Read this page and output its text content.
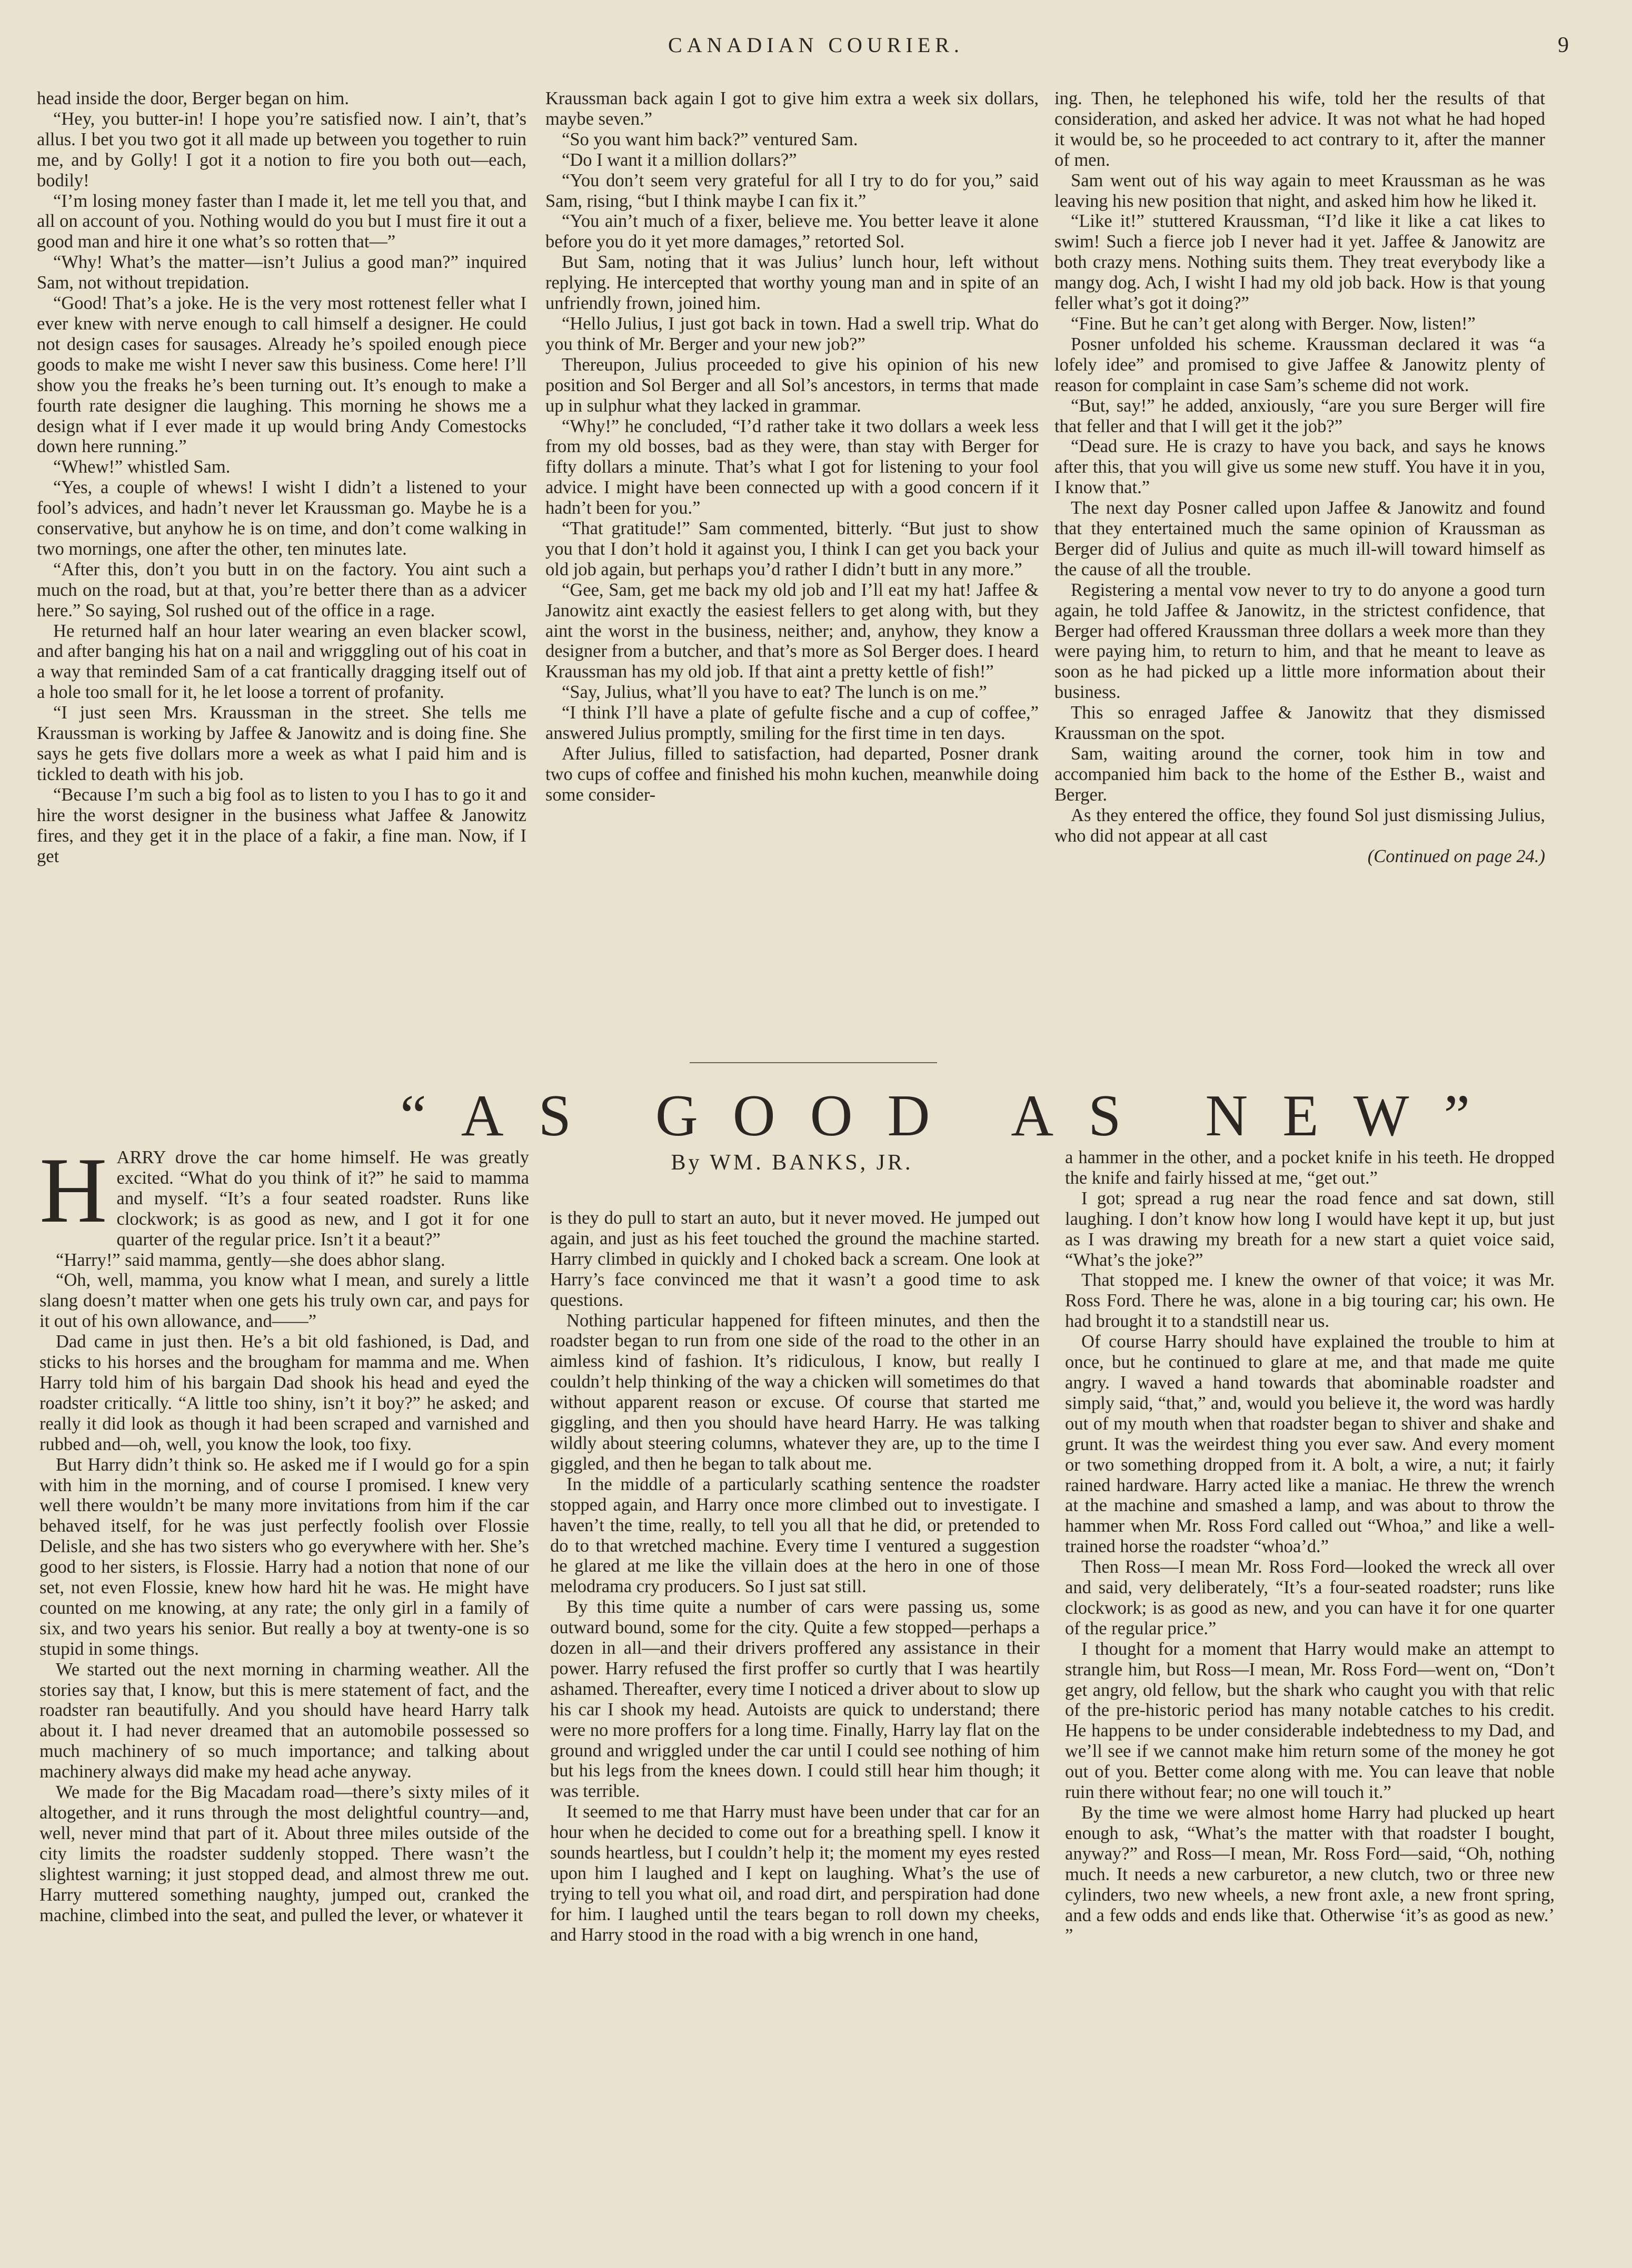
CANADIAN COURIER.	9

head inside the door, Berger began on him.

“Hey, you butter-in! I hope you’re satisfied now. I ain’t, that’s allus. I bet you two got it all made up between you together to ruin me, and by Golly! I got it a notion to fire you both out—each, bodily!

“I’m losing money faster than I made it, let me tell you that, and all on account of you. Nothing would do you but I must fire it out a good man and hire it one what’s so rotten that—”

“Why! What’s the matter—isn’t Julius a good man?” inquired Sam, not without trepidation.

“Good! That’s a joke. He is the very most rottenest feller what I ever knew with nerve enough to call himself a designer. He could not design cases for sausages. Already he’s spoiled enough piece goods to make me wisht I never saw this business. Come here! I’ll show you the freaks he’s been turning out. It’s enough to make a fourth rate designer die laughing. This morning he shows me a design what if I ever made it up would bring Andy Comestocks down here running.”

“Whew!” whistled Sam.

“Yes, a couple of whews! I wisht I didn’t a listened to your fool’s advices, and hadn’t never let Kraussman go. Maybe he is a conservative, but anyhow he is on time, and don’t come walking in two mornings, one after the other, ten minutes late.

“After this, don’t you butt in on the factory. You aint such a much on the road, but at that, you’re better there than as a advicer here.” So saying, Sol rushed out of the office in a rage.

He returned half an hour later wearing an even blacker scowl, and after banging his hat on a nail and wrigggling out of his coat in a way that reminded Sam of a cat frantically dragging itself out of a hole too small for it, he let loose a torrent of profanity.

“I just seen Mrs. Kraussman in the street. She tells me Kraussman is working by Jaffee & Janowitz and is doing fine. She says he gets five dollars more a week as what I paid him and is tickled to death with his job.

“Because I’m such a big fool as to listen to you I has to go it and hire the worst designer in the business what Jaffee & Janowitz fires, and they get it in the place of a fakir, a fine man. Now, if I get

Kraussman back again I got to give him extra a week six dollars, maybe seven.”

“So you want him back?” ventured Sam.

“Do I want it a million dollars?”

“You don’t seem very grateful for all I try to do for you,” said Sam, rising, “but I think maybe I can fix it.”

“You ain’t much of a fixer, believe me. You better leave it alone before you do it yet more damages,” retorted Sol.

But Sam, noting that it was Julius’ lunch hour, left without replying. He intercepted that worthy young man and in spite of an unfriendly frown, joined him.

“Hello Julius, I just got back in town. Had a swell trip. What do you think of Mr. Berger and your new job?”

Thereupon, Julius proceeded to give his opinion of his new position and Sol Berger and all Sol’s ancestors, in terms that made up in sulphur what they lacked in grammar.

“Why!” he concluded, “I’d rather take it two dollars a week less from my old bosses, bad as they were, than stay with Berger for fifty dollars a minute. That’s what I got for listening to your fool advice. I might have been connected up with a good concern if it hadn’t been for you.”

“That gratitude!” Sam commented, bitterly. “But just to show you that I don’t hold it against you, I think I can get you back your old job again, but perhaps you’d rather I didn’t butt in any more.”

“Gee, Sam, get me back my old job and I’ll eat my hat! Jaffee & Janowitz aint exactly the easiest fellers to get along with, but they aint the worst in the business, neither; and, anyhow, they know a designer from a butcher, and that’s more as Sol Berger does. I heard Kraussman has my old job. If that aint a pretty kettle of fish!”

“Say, Julius, what’ll you have to eat? The lunch is on me.”

“I think I’ll have a plate of gefulte fische and a cup of coffee,” answered Julius promptly, smiling for the first time in ten days.

After Julius, filled to satisfaction, had departed, Posner drank two cups of coffee and finished his mohn kuchen, meanwhile doing some consider-

ing. Then, he telephoned his wife, told her the results of that consideration, and asked her advice. It was not what he had hoped it would be, so he proceeded to act contrary to it, after the manner of men.

Sam went out of his way again to meet Kraussman as he was leaving his new position that night, and asked him how he liked it.

“Like it!” stuttered Kraussman, “I’d like it like a cat likes to swim! Such a fierce job I never had it yet. Jaffee & Janowitz are both crazy mens. Nothing suits them. They treat everybody like a mangy dog. Ach, I wisht I had my old job back. How is that young feller what’s got it doing?”

“Fine. But he can’t get along with Berger. Now, listen!”

Posner unfolded his scheme. Kraussman declared it was “a lofely idee” and promised to give Jaffee & Janowitz plenty of reason for complaint in case Sam’s scheme did not work.

“But, say!” he added, anxiously, “are you sure Berger will fire that feller and that I will get it the job?”

“Dead sure. He is crazy to have you back, and says he knows after this, that you will give us some new stuff. You have it in you, I know that.”

The next day Posner called upon Jaffee & Janowitz and found that they entertained much the same opinion of Kraussman as Berger did of Julius and quite as much ill-will toward himself as the cause of all the trouble.

Registering a mental vow never to try to do anyone a good turn again, he told Jaffee & Janowitz, in the strictest confidence, that Berger had offered Kraussman three dollars a week more than they were paying him, to return to him, and that he meant to leave as soon as he had picked up a little more information about their business.

This so enraged Jaffee & Janowitz that they dismissed Kraussman on the spot.

Sam, waiting around the corner, took him in tow and accompanied him back to the home of the Esther B., waist and Berger.

As they entered the office, they found Sol just dismissing Julius, who did not appear at all cast

(Continued on page 24.)

“AS GOOD AS NEW”
By WM. BANKS, JR.

HARRY drove the car home himself. He was greatly excited. “What do you think of it?” he said to mamma and myself. “It’s a four seated roadster. Runs like clockwork; is as good as new, and I got it for one quarter of the regular price. Isn’t it a beaut?”

“Harry!” said mamma, gently—she does abhor slang.

“Oh, well, mamma, you know what I mean, and surely a little slang doesn’t matter when one gets his truly own car, and pays for it out of his own allowance, and——”

Dad came in just then. He’s a bit old fashioned, is Dad, and sticks to his horses and the brougham for mamma and me. When Harry told him of his bargain Dad shook his head and eyed the roadster critically. “A little too shiny, isn’t it boy?” he asked; and really it did look as though it had been scraped and varnished and rubbed and—oh, well, you know the look, too fixy.

But Harry didn’t think so. He asked me if I would go for a spin with him in the morning, and of course I promised. I knew very well there wouldn’t be many more invitations from him if the car behaved itself, for he was just perfectly foolish over Flossie Delisle, and she has two sisters who go everywhere with her. She’s good to her sisters, is Flossie. Harry had a notion that none of our set, not even Flossie, knew how hard hit he was. He might have counted on me knowing, at any rate; the only girl in a family of six, and two years his senior. But really a boy at twenty-one is so stupid in some things.

We started out the next morning in charming weather. All the stories say that, I know, but this is mere statement of fact, and the roadster ran beautifully. And you should have heard Harry talk about it. I had never dreamed that an automobile possessed so much machinery of so much importance; and talking about machinery always did make my head ache anyway.

We made for the Big Macadam road—there’s sixty miles of it altogether, and it runs through the most delightful country—and, well, never mind that part of it. About three miles outside of the city limits the roadster suddenly stopped. There wasn’t the slightest warning; it just stopped dead, and almost threw me out. Harry muttered something naughty, jumped out, cranked the machine, climbed into the seat, and pulled the lever, or whatever it

is they do pull to start an auto, but it never moved. He jumped out again, and just as his feet touched the ground the machine started. Harry climbed in quickly and I choked back a scream. One look at Harry’s face convinced me that it wasn’t a good time to ask questions.

Nothing particular happened for fifteen minutes, and then the roadster began to run from one side of the road to the other in an aimless kind of fashion. It’s ridiculous, I know, but really I couldn’t help thinking of the way a chicken will sometimes do that without apparent reason or excuse. Of course that started me giggling, and then you should have heard Harry. He was talking wildly about steering columns, whatever they are, up to the time I giggled, and then he began to talk about me.

In the middle of a particularly scathing sentence the roadster stopped again, and Harry once more climbed out to investigate. I haven’t the time, really, to tell you all that he did, or pretended to do to that wretched machine. Every time I ventured a suggestion he glared at me like the villain does at the hero in one of those melodrama cry producers. So I just sat still.

By this time quite a number of cars were passing us, some outward bound, some for the city. Quite a few stopped—perhaps a dozen in all—and their drivers proffered any assistance in their power. Harry refused the first proffer so curtly that I was heartily ashamed. Thereafter, every time I noticed a driver about to slow up his car I shook my head. Autoists are quick to understand; there were no more proffers for a long time. Finally, Harry lay flat on the ground and wriggled under the car until I could see nothing of him but his legs from the knees down. I could still hear him though; it was terrible.

It seemed to me that Harry must have been under that car for an hour when he decided to come out for a breathing spell. I know it sounds heartless, but I couldn’t help it; the moment my eyes rested upon him I laughed and I kept on laughing. What’s the use of trying to tell you what oil, and road dirt, and perspiration had done for him. I laughed until the tears began to roll down my cheeks, and Harry stood in the road with a big wrench in one hand,

a hammer in the other, and a pocket knife in his teeth. He dropped the knife and fairly hissed at me, “get out.”

I got; spread a rug near the road fence and sat down, still laughing. I don’t know how long I would have kept it up, but just as I was drawing my breath for a new start a quiet voice said, “What’s the joke?”

That stopped me. I knew the owner of that voice; it was Mr. Ross Ford. There he was, alone in a big touring car; his own. He had brought it to a standstill near us.

Of course Harry should have explained the trouble to him at once, but he continued to glare at me, and that made me quite angry. I waved a hand towards that abominable roadster and simply said, “that,” and, would you believe it, the word was hardly out of my mouth when that roadster began to shiver and shake and grunt. It was the weirdest thing you ever saw. And every moment or two something dropped from it. A bolt, a wire, a nut; it fairly rained hardware. Harry acted like a maniac. He threw the wrench at the machine and smashed a lamp, and was about to throw the hammer when Mr. Ross Ford called out “Whoa,” and like a well-trained horse the roadster “whoa’d.”

Then Ross—I mean Mr. Ross Ford—looked the wreck all over and said, very deliberately, “It’s a four-seated roadster; runs like clockwork; is as good as new, and you can have it for one quarter of the regular price.”

I thought for a moment that Harry would make an attempt to strangle him, but Ross—I mean, Mr. Ross Ford—went on, “Don’t get angry, old fellow, but the shark who caught you with that relic of the pre-historic period has many notable catches to his credit. He happens to be under considerable indebtedness to my Dad, and we’ll see if we cannot make him return some of the money he got out of you. Better come along with me. You can leave that noble ruin there without fear; no one will touch it.”

By the time we were almost home Harry had plucked up heart enough to ask, “What’s the matter with that roadster I bought, anyway?” and Ross—I mean, Mr. Ross Ford—said, “Oh, nothing much. It needs a new carburetor, a new clutch, two or three new cylinders, two new wheels, a new front axle, a new front spring, and a few odds and ends like that. Otherwise ‘it’s as good as new.’ ”
